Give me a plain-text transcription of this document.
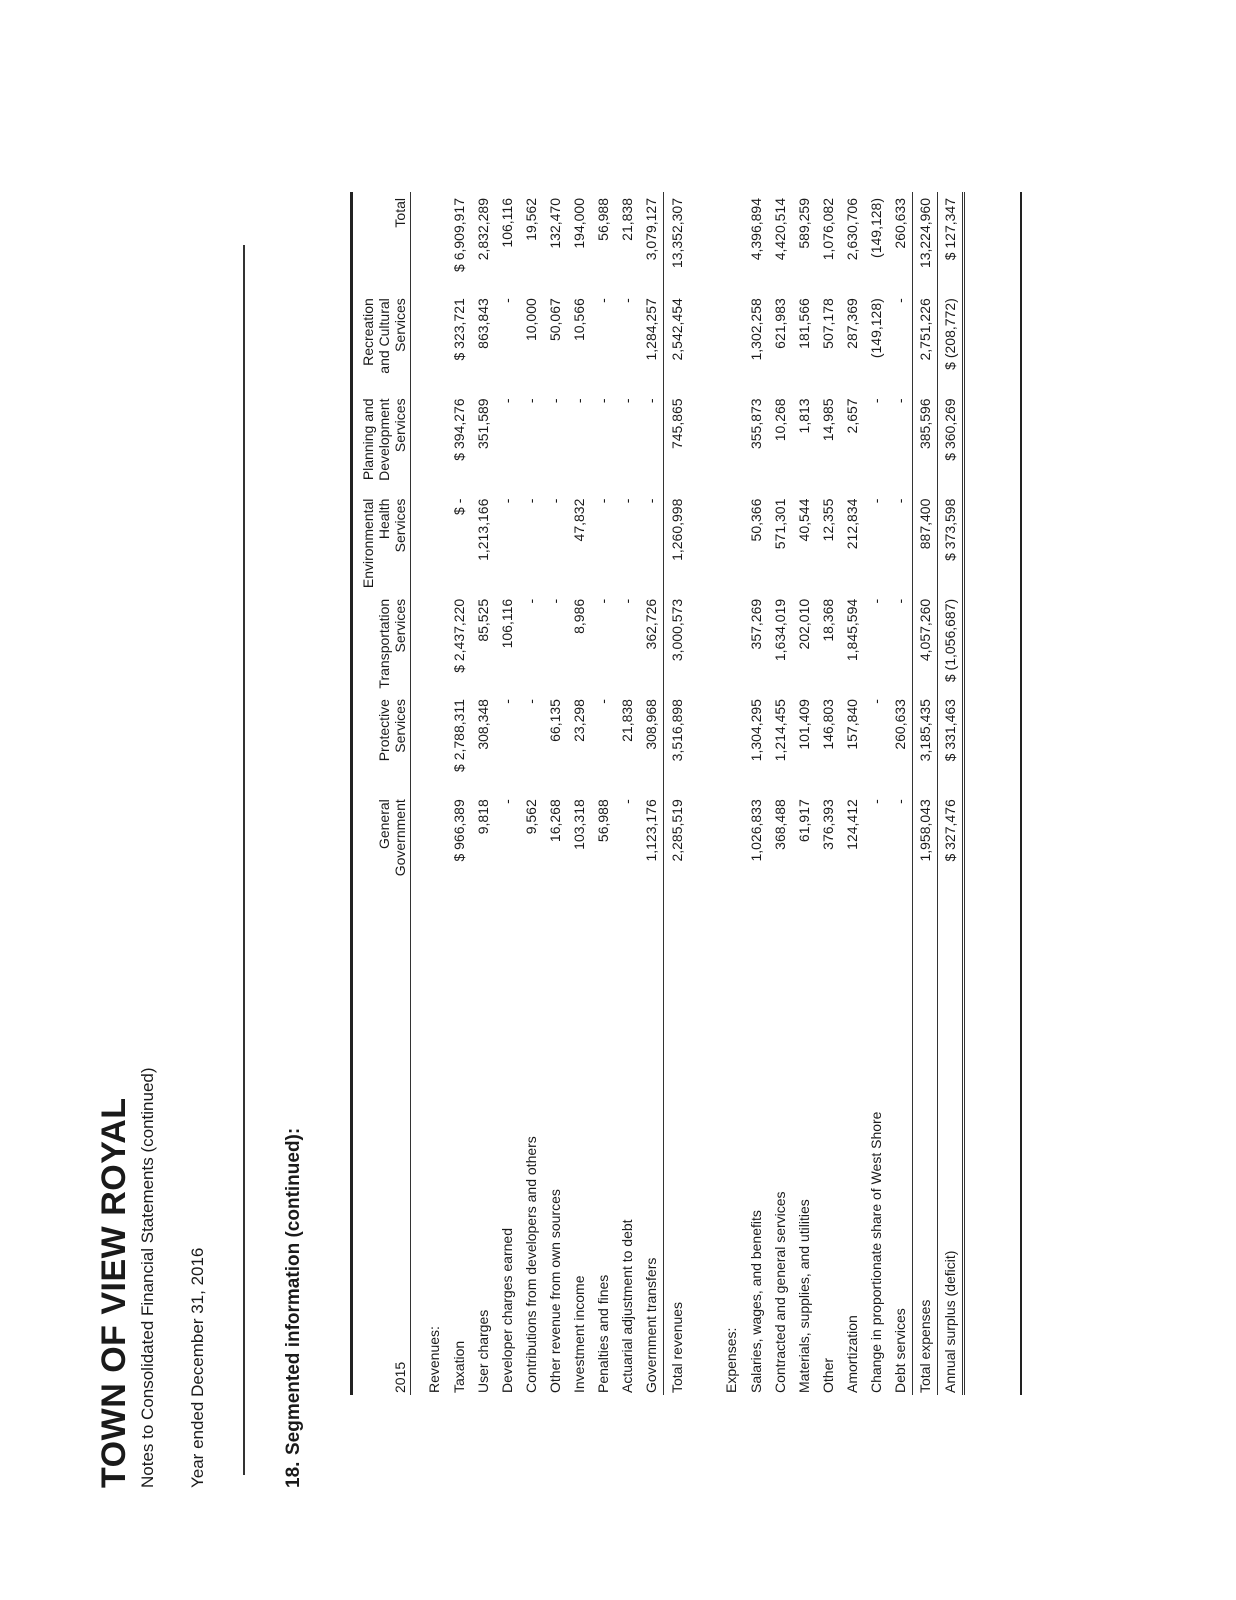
TOWN OF VIEW ROYAL Notes to Consolidated Financial Statements (continued) Year ended December 31, 2016	18.
Segmented information (continued):	2015	General Government	Protective Services	Transportation Services	Environmental Health Services	Planning and Development Services	Recreation and Cultural Services	Total

Revenues:							
Taxation	$ 966,389	$ 2,788,311	$ 2,437,220	$ -	$ 394,276	$ 323,721	$ 6,909,917
User charges	9,818	308,348	85,525	1,213,166	351,589	863,843	2,832,289
Developer charges earned	-	-	106,116	-	-	-	106,116
Contributions from developers and others	9,562	-	-	-	-	10,000	19,562
Other revenue from own sources	16,268	66,135	-	-	-	50,067	132,470
Investment income	103,318	23,298	8,986	47,832	-	10,566	194,000
Penalties and fines	56,988	-	-	-	-	-	56,988
Actuarial adjustment to debt	-	21,838	-	-	-	-	21,838
Government transfers	1,123,176	308,968	362,726	-	-	1,284,257	3,079,127
Total revenues	2,285,519	3,516,898	3,000,573	1,260,998	745,865	2,542,454	13,352,307

Expenses:							
Salaries, wages, and benefits	1,026,833	1,304,295	357,269	50,366	355,873	1,302,258	4,396,894
Contracted and general services	368,488	1,214,455	1,634,019	571,301	10,268	621,983	4,420,514
Materials, supplies, and utilities	61,917	101,409	202,010	40,544	1,813	181,566	589,259
Other	376,393	146,803	18,368	12,355	14,985	507,178	1,076,082
Amortization	124,412	157,840	1,845,594	212,834	2,657	287,369	2,630,706
Change in proportionate share of West Shore	-	-	-	-	-	(149,128)	(149,128)
Debt services	-	260,633	-	-	-	-	260,633
Total expenses	1,958,043	3,185,435	4,057,260	887,400	385,596	2,751,226	13,224,960
Annual surplus (deficit)	$ 327,476	$ 331,463	$ (1,056,687)	$ 373,598	$ 360,269	$ (208,772)	$ 127,347
